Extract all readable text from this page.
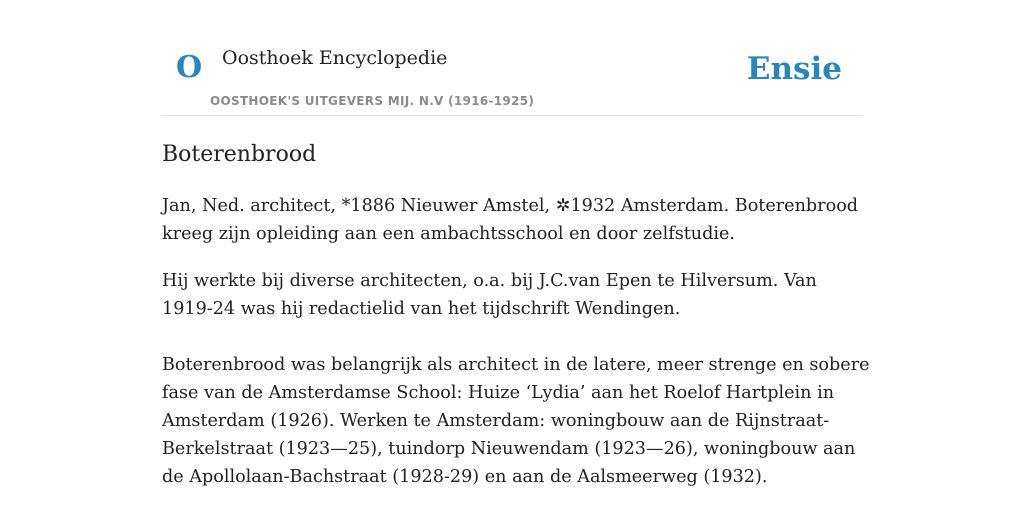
O Oosthoek Encyclopedie
OOSTHOEK'S UITGEVERS MIJ. N.V (1916-1925)
Ensie
Boterenbrood

Jan, Ned. architect, *1886 Nieuwer Amstel, ✲1932 Amsterdam. Boterenbrood kreeg zijn opleiding aan een ambachtsschool en door zelfstudie.

Hij werkte bij diverse architecten, o.a. bij J.C.van Epen te Hilversum. Van 1919-24 was hij redactielid van het tijdschrift Wendingen.

Boterenbrood was belangrijk als architect in de latere, meer strenge en sobere fase van de Amsterdamse School: Huize ‘Lydia’ aan het Roelof Hartplein in Amsterdam (1926). Werken te Amsterdam: woningbouw aan de Rijnstraat-Berkelstraat (1923—25), tuindorp Nieuwendam (1923—26), woningbouw aan de Apollolaan-Bachstraat (1928-29) en aan de Aalsmeerweg (1932).
